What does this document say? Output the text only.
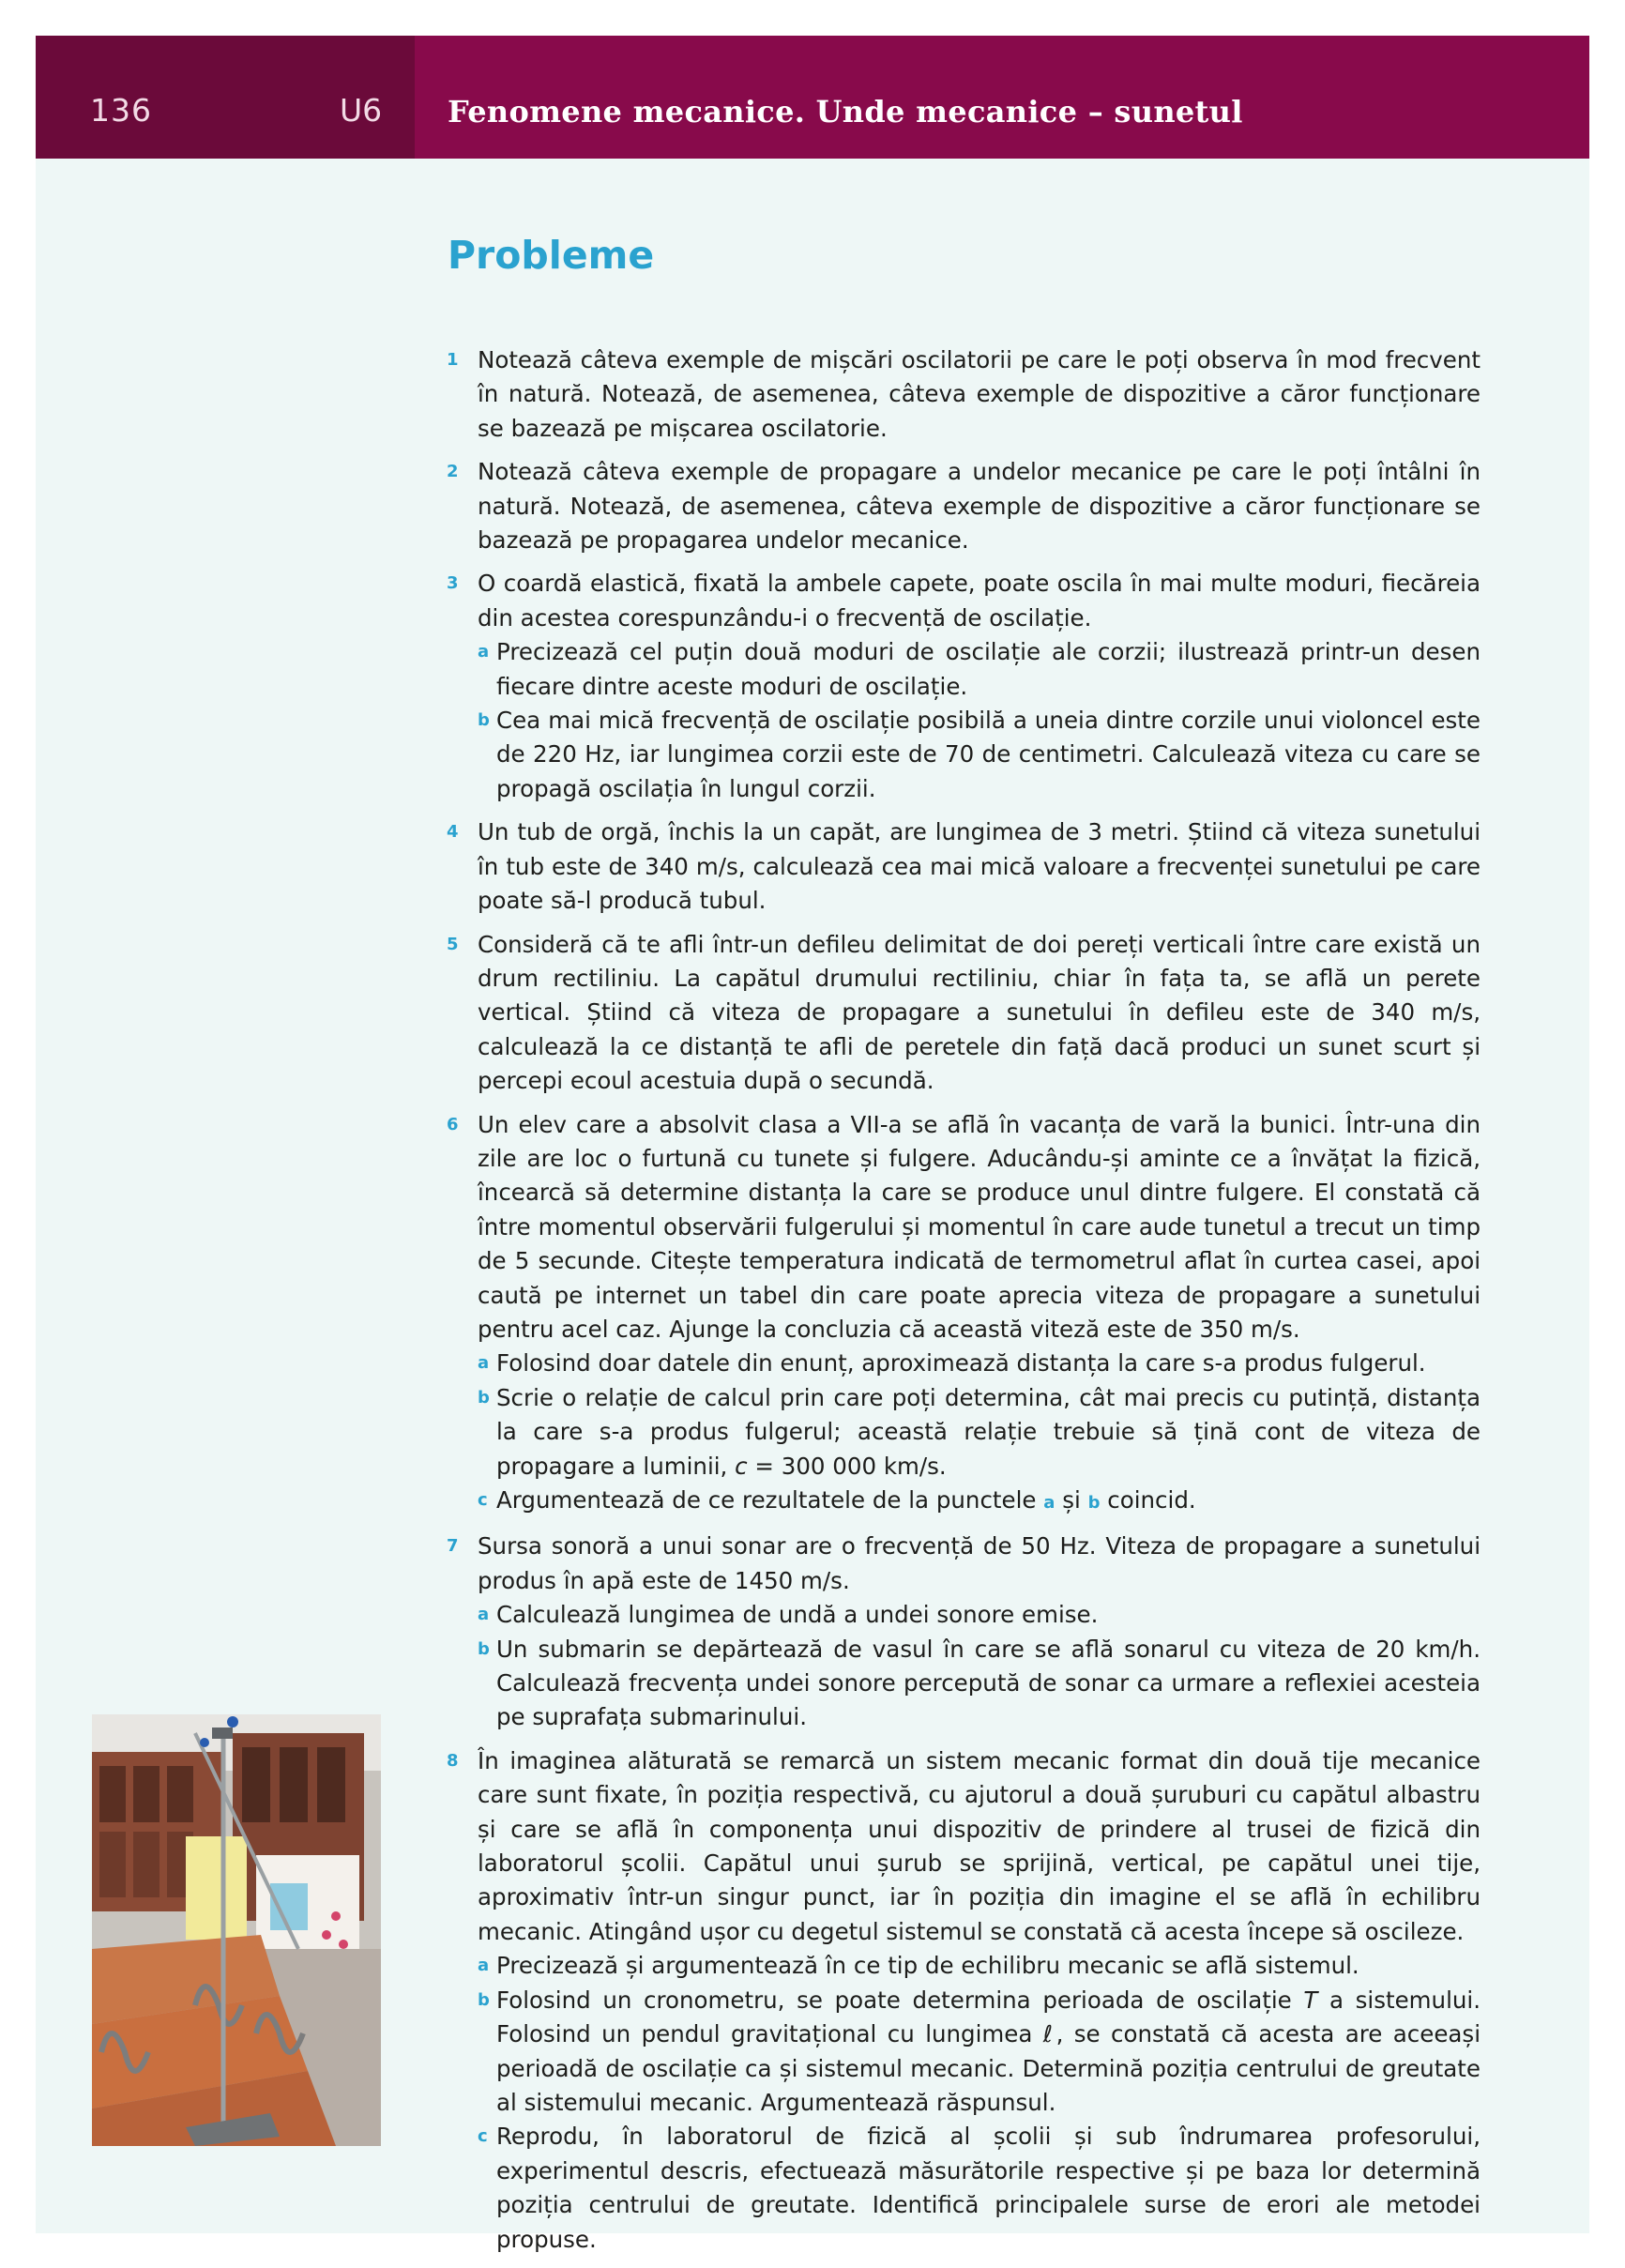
136	U6 Fenomene mecanice. Unde mecanice – sunetul
Probleme
1 Notează câteva exemple de mișcări oscilatorii pe care le poți observa în mod frecvent în natură. Notează, de asemenea, câteva exemple de dispozitive a căror funcționare se bazează pe mișcarea oscilatorie.
2 Notează câteva exemple de propagare a undelor mecanice pe care le poți întâlni în natură. Notează, de asemenea, câteva exemple de dispozitive a căror funcționare se bazează pe propagarea undelor mecanice.
3 O coardă elastică, fixată la ambele capete, poate oscila în mai multe moduri, fiecăreia din acestea corespunzându-i o frecvență de oscilație.
a Precizează cel puțin două moduri de oscilație ale corzii; ilustrează printr-un desen fiecare dintre aceste moduri de oscilație.
b Cea mai mică frecvență de oscilație posibilă a uneia dintre corzile unui violoncel este de 220 Hz, iar lungimea corzii este de 70 de centimetri. Calculează viteza cu care se propagă oscilația în lungul corzii.
4 Un tub de orgă, închis la un capăt, are lungimea de 3 metri. Știind că viteza sunetului în tub este de 340 m/s, calculează cea mai mică valoare a frecvenței sunetului pe care poate să-l producă tubul.
5 Consideră că te afli într-un defileu delimitat de doi pereți verticali între care există un drum rectiliniu. La capătul drumului rectiliniu, chiar în fața ta, se află un perete vertical. Știind că viteza de propagare a sunetului în defileu este de 340 m/s, calculează la ce distanță te afli de peretele din față dacă produci un sunet scurt și percepi ecoul acestuia după o secundă.
6 Un elev care a absolvit clasa a VII-a se află în vacanța de vară la bunici. Într-una din zile are loc o furtună cu tunete și fulgere. Aducându-și aminte ce a învățat la fizică, încearcă să determine distanța la care se produce unul dintre fulgere. El constată că între momentul observării fulgerului și momentul în care aude tunetul a trecut un timp de 5 secunde. Citește temperatura indicată de termometrul aflat în curtea casei, apoi caută pe internet un tabel din care poate aprecia viteza de propagare a sunetului pentru acel caz. Ajunge la concluzia că această viteză este de 350 m/s.
a Folosind doar datele din enunț, aproximează distanța la care s-a produs fulgerul.
b Scrie o relație de calcul prin care poți determina, cât mai precis cu putință, distanța la care s-a produs fulgerul; această relație trebuie să țină cont de viteza de propagare a luminii, c = 300 000 km/s.
c Argumentează de ce rezultatele de la punctele a și b coincid.
7 Sursa sonoră a unui sonar are o frecvență de 50 Hz. Viteza de propagare a sunetului produs în apă este de 1450 m/s.
a Calculează lungimea de undă a undei sonore emise.
b Un submarin se depărtează de vasul în care se află sonarul cu viteza de 20 km/h. Calculează frecvența undei sonore percepută de sonar ca urmare a reflexiei acesteia pe suprafața submarinului.
8 În imaginea alăturată se remarcă un sistem mecanic format din două tije mecanice care sunt fixate, în poziția respectivă, cu ajutorul a două șuruburi cu capătul albastru și care se află în componența unui dispozitiv de prindere al trusei de fizică din laboratorul școlii. Capătul unui șurub se sprijină, vertical, pe capătul unei tije, aproximativ într-un singur punct, iar în poziția din imagine el se află în echilibru mecanic. Atingând ușor cu degetul sistemul se constată că acesta începe să oscileze.
a Precizează și argumentează în ce tip de echilibru mecanic se află sistemul.
b Folosind un cronometru, se poate determina perioada de oscilație T a sistemului. Folosind un pendul gravitațional cu lungimea ℓ, se constată că acesta are aceeași perioadă de oscilație ca și sistemul mecanic. Determină poziția centrului de greutate al sistemului mecanic. Argumentează răspunsul.
c Reprodu, în laboratorul de fizică al școlii și sub îndrumarea profesorului, experimentul descris, efectuează măsurătorile respective și pe baza lor determină poziția centrului de greutate. Identifică principalele surse de erori ale metodei propuse.
